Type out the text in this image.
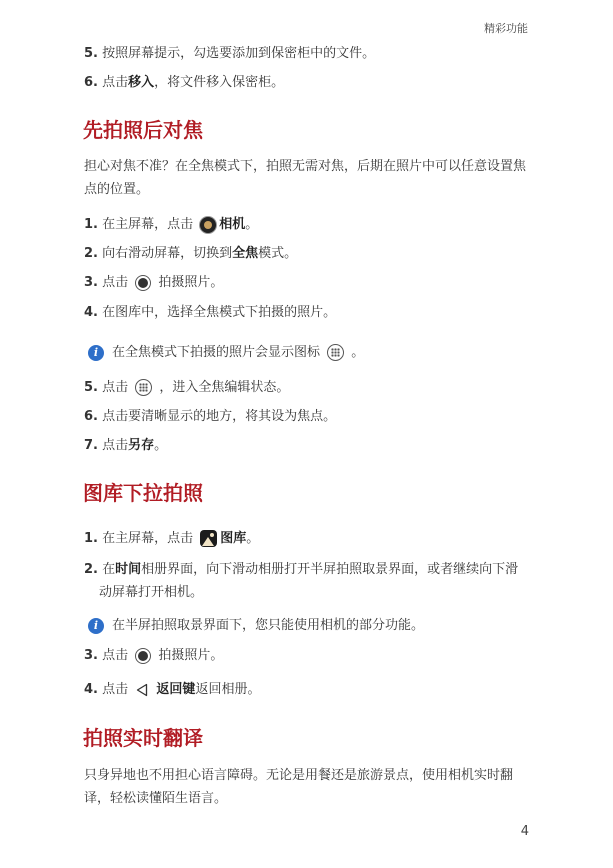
精彩功能
5. 按照屏幕提示，勾选要添加到保密柜中的文件。
6. 点击移入，将文件移入保密柜。
先拍照后对焦
担心对焦不准？在全焦模式下，拍照无需对焦，后期在照片中可以任意设置焦
点的位置。
1. 在主屏幕，点击 相机。
2. 向右滑动屏幕，切换到全焦模式。
3. 点击 拍摄照片。
4. 在图库中，选择全焦模式下拍摄的照片。
i 在全焦模式下拍摄的照片会显示图标 。
5. 点击 ，进入全焦编辑状态。
6. 点击要清晰显示的地方，将其设为焦点。
7. 点击另存。
图库下拉拍照
1. 在主屏幕，点击 图库。
2. 在时间相册界面，向下滑动相册打开半屏拍照取景界面，或者继续向下滑
动屏幕打开相机。
i 在半屏拍照取景界面下，您只能使用相机的部分功能。
3. 点击 拍摄照片。
4. 点击 返回键返回相册。
拍照实时翻译
只身异地也不用担心语言障碍。无论是用餐还是旅游景点，使用相机实时翻
译，轻松读懂陌生语言。
4
